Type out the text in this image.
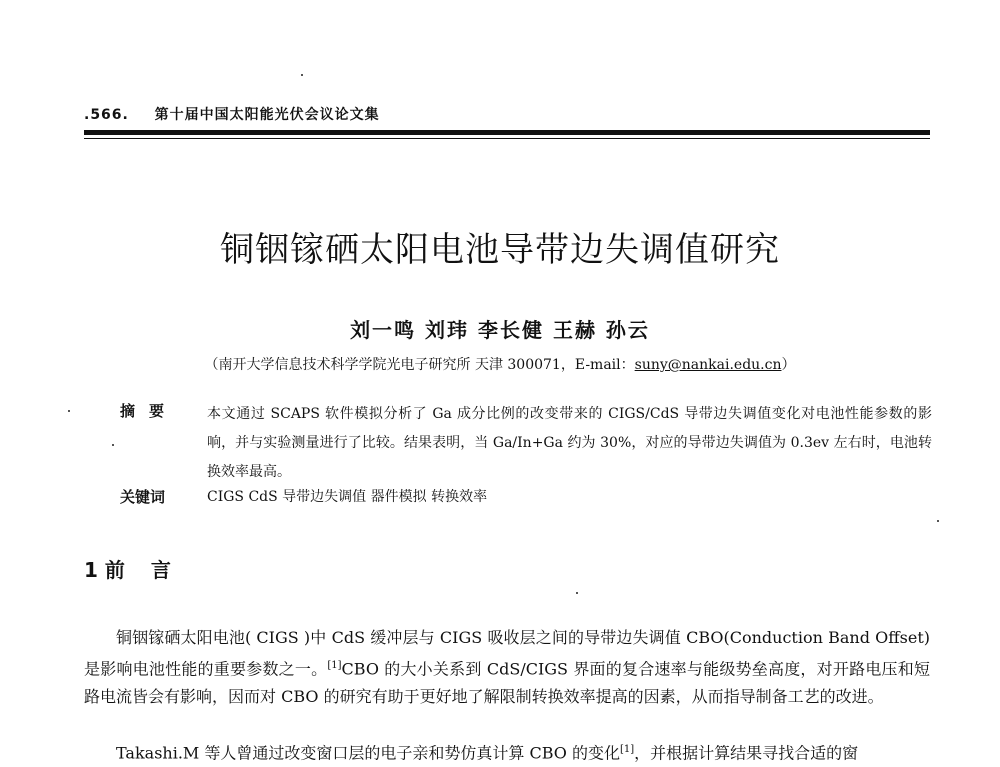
.566. 第十届中国太阳能光伏会议论文集
铜铟镓硒太阳电池导带边失调值研究
刘一鸣 刘玮 李长健 王赫 孙云
（南开大学信息技术科学学院光电子研究所 天津 300071，E-mail：suny@nankai.edu.cn）
摘要 本文通过 SCAPS 软件模拟分析了 Ga 成分比例的改变带来的 CIGS/CdS 导带边失调值变化对电池性能参数的影响，并与实验测量进行了比较。结果表明，当 Ga/In+Ga 约为 30%，对应的导带边失调值为 0.3ev 左右时，电池转换效率最高。
关键词	CIGS CdS 导带边失调值 器件模拟 转换效率
1 前 言
铜铟镓硒太阳电池( CIGS )中 CdS 缓冲层与 CIGS 吸收层之间的导带边失调值 CBO(Conduction Band Offset)是影响电池性能的重要参数之一。[1]CBO 的大小关系到 CdS/CIGS 界面的复合速率与能级势垒高度，对开路电压和短路电流皆会有影响，因而对 CBO 的研究有助于更好地了解限制转换效率提高的因素，从而指导制备工艺的改进。
Takashi.M 等人曾通过改变窗口层的电子亲和势仿真计算 CBO 的变化[1]，并根据计算结果寻找合适的窗
